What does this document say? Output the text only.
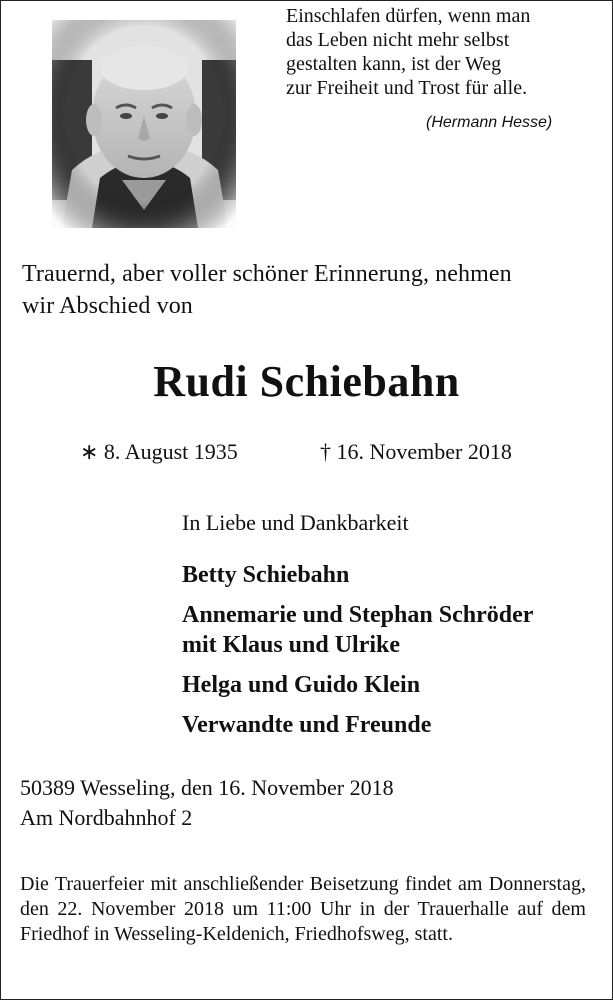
Einschlafen dürfen, wenn man
das Leben nicht mehr selbst
gestalten kann, ist der Weg
zur Freiheit und Trost für alle.
(Hermann Hesse)
Trauernd, aber voller schöner Erinnerung, nehmen
wir Abschied von
Rudi Schiebahn
∗ 8. August 1935	† 16. November 2018
In Liebe und Dankbarkeit
Betty Schiebahn
Annemarie und Stephan Schröder
mit Klaus und Ulrike
Helga und Guido Klein
Verwandte und Freunde
50389 Wesseling, den 16. November 2018
Am Nordbahnhof 2
Die Trauerfeier mit anschließender Beisetzung findet am Donnerstag, den 22. November 2018 um 11:00 Uhr in der Trauerhalle auf dem Friedhof in Wesseling-Keldenich, Friedhofsweg, statt.
